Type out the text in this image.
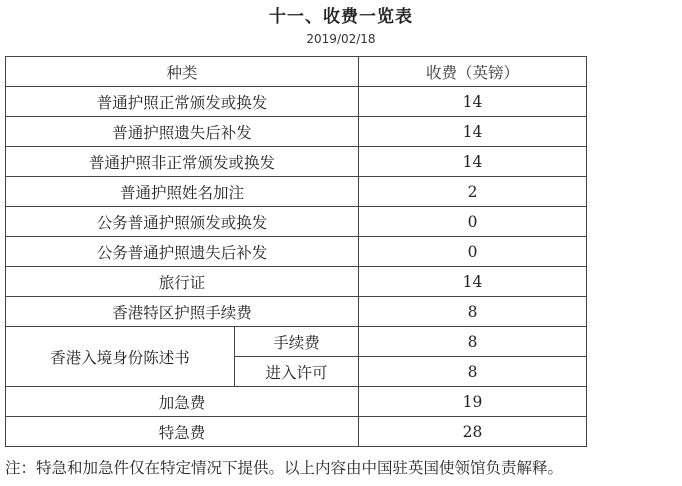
十一、收费一览表
2019/02/18
种类		收费（英镑）
普通护照正常颁发或换发		14
普通护照遗失后补发		14
普通护照非正常颁发或换发		14
普通护照姓名加注		2
公务普通护照颁发或换发		0
公务普通护照遗失后补发		0
旅行证		14
香港特区护照手续费		8
香港入境身份陈述书	手续费	8
	进入许可	8
加急费		19
特急费		28
注：特急和加急件仅在特定情况下提供。以上内容由中国驻英国使领馆负责解释。
